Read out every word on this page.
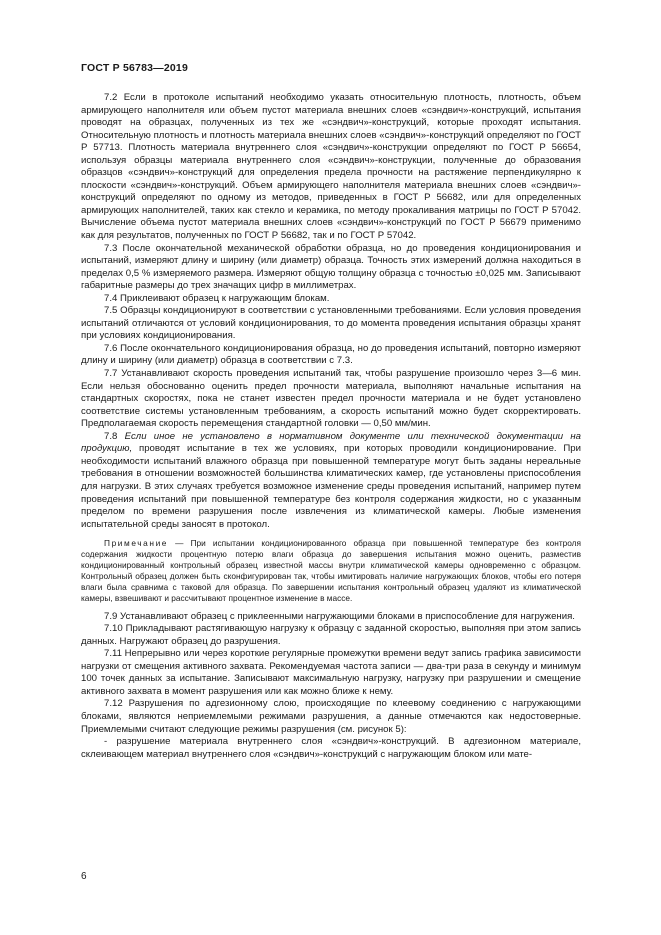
ГОСТ Р 56783—2019

7.2 Если в протоколе испытаний необходимо указать относительную плотность, плотность, объем армирующего наполнителя или объем пустот материала внешних слоев «сэндвич»-конструкций, испытания проводят на образцах, полученных из тех же «сэндвич»-конструкций, которые проходят испытания. Относительную плотность и плотность материала внешних слоев «сэндвич»-конструкций определяют по ГОСТ Р 57713. Плотность материала внутреннего слоя «сэндвич»-конструкции определяют по ГОСТ Р 56654, используя образцы материала внутреннего слоя «сэндвич»-конструкции, полученные до образования образцов «сэндвич»-конструкций для определения предела прочности на растяжение перпендикулярно к плоскости «сэндвич»-конструкций. Объем армирующего наполнителя материала внешних слоев «сэндвич»-конструкций определяют по одному из методов, приведенных в ГОСТ Р 56682, или для определенных армирующих наполнителей, таких как стекло и керамика, по методу прокаливания матрицы по ГОСТ Р 57042. Вычисление объема пустот материала внешних слоев «сэндвич»-конструкций по ГОСТ Р 56679 применимо как для результатов, полученных по ГОСТ Р 56682, так и по ГОСТ Р 57042.

7.3 После окончательной механической обработки образца, но до проведения кондиционирования и испытаний, измеряют длину и ширину (или диаметр) образца. Точность этих измерений должна находиться в пределах 0,5 % измеряемого размера. Измеряют общую толщину образца с точностью ±0,025 мм. Записывают габаритные размеры до трех значащих цифр в миллиметрах.

7.4 Приклеивают образец к нагружающим блокам.

7.5 Образцы кондиционируют в соответствии с установленными требованиями. Если условия проведения испытаний отличаются от условий кондиционирования, то до момента проведения испытания образцы хранят при условиях кондиционирования.

7.6 После окончательного кондиционирования образца, но до проведения испытаний, повторно измеряют длину и ширину (или диаметр) образца в соответствии с 7.3.

7.7 Устанавливают скорость проведения испытаний так, чтобы разрушение произошло через 3—6 мин. Если нельзя обоснованно оценить предел прочности материала, выполняют начальные испытания на стандартных скоростях, пока не станет известен предел прочности материала и не будет установлено соответствие системы установленным требованиям, а скорость испытаний можно будет скорректировать. Предполагаемая скорость перемещения стандартной головки — 0,50 мм/мин.

7.8 Если иное не установлено в нормативном документе или технической документации на продукцию, проводят испытание в тех же условиях, при которых проводили кондиционирование. При необходимости испытаний влажного образца при повышенной температуре могут быть заданы нереальные требования в отношении возможностей большинства климатических камер, где установлены приспособления для нагрузки. В этих случаях требуется возможное изменение среды проведения испытаний, например путем проведения испытаний при повышенной температуре без контроля содержания жидкости, но с указанным пределом по времени разрушения после извлечения из климатической камеры. Любые изменения испытательной среды заносят в протокол.

Примечание — При испытании кондиционированного образца при повышенной температуре без контроля содержания жидкости процентную потерю влаги образца до завершения испытания можно оценить, разместив кондиционированный контрольный образец известной массы внутри климатической камеры одновременно с образцом. Контрольный образец должен быть сконфигурирован так, чтобы имитировать наличие нагружающих блоков, чтобы его потеря влаги была сравнима с таковой для образца. По завершении испытания контрольный образец удаляют из климатической камеры, взвешивают и рассчитывают процентное изменение в массе.

7.9 Устанавливают образец с приклеенными нагружающими блоками в приспособление для нагружения.

7.10 Прикладывают растягивающую нагрузку к образцу с заданной скоростью, выполняя при этом запись данных. Нагружают образец до разрушения.

7.11 Непрерывно или через короткие регулярные промежутки времени ведут запись графика зависимости нагрузки от смещения активного захвата. Рекомендуемая частота записи — два-три раза в секунду и минимум 100 точек данных за испытание. Записывают максимальную нагрузку, нагрузку при разрушении и смещение активного захвата в момент разрушения или как можно ближе к нему.

7.12 Разрушения по адгезионному слою, происходящие по клеевому соединению с нагружающими блоками, являются неприемлемыми режимами разрушения, а данные отмечаются как недостоверные. Приемлемыми считают следующие режимы разрушения (см. рисунок 5):

- разрушение материала внутреннего слоя «сэндвич»-конструкций. В адгезионном материале, склеивающем материал внутреннего слоя «сэндвич»-конструкций с нагружающим блоком или мате-

6
